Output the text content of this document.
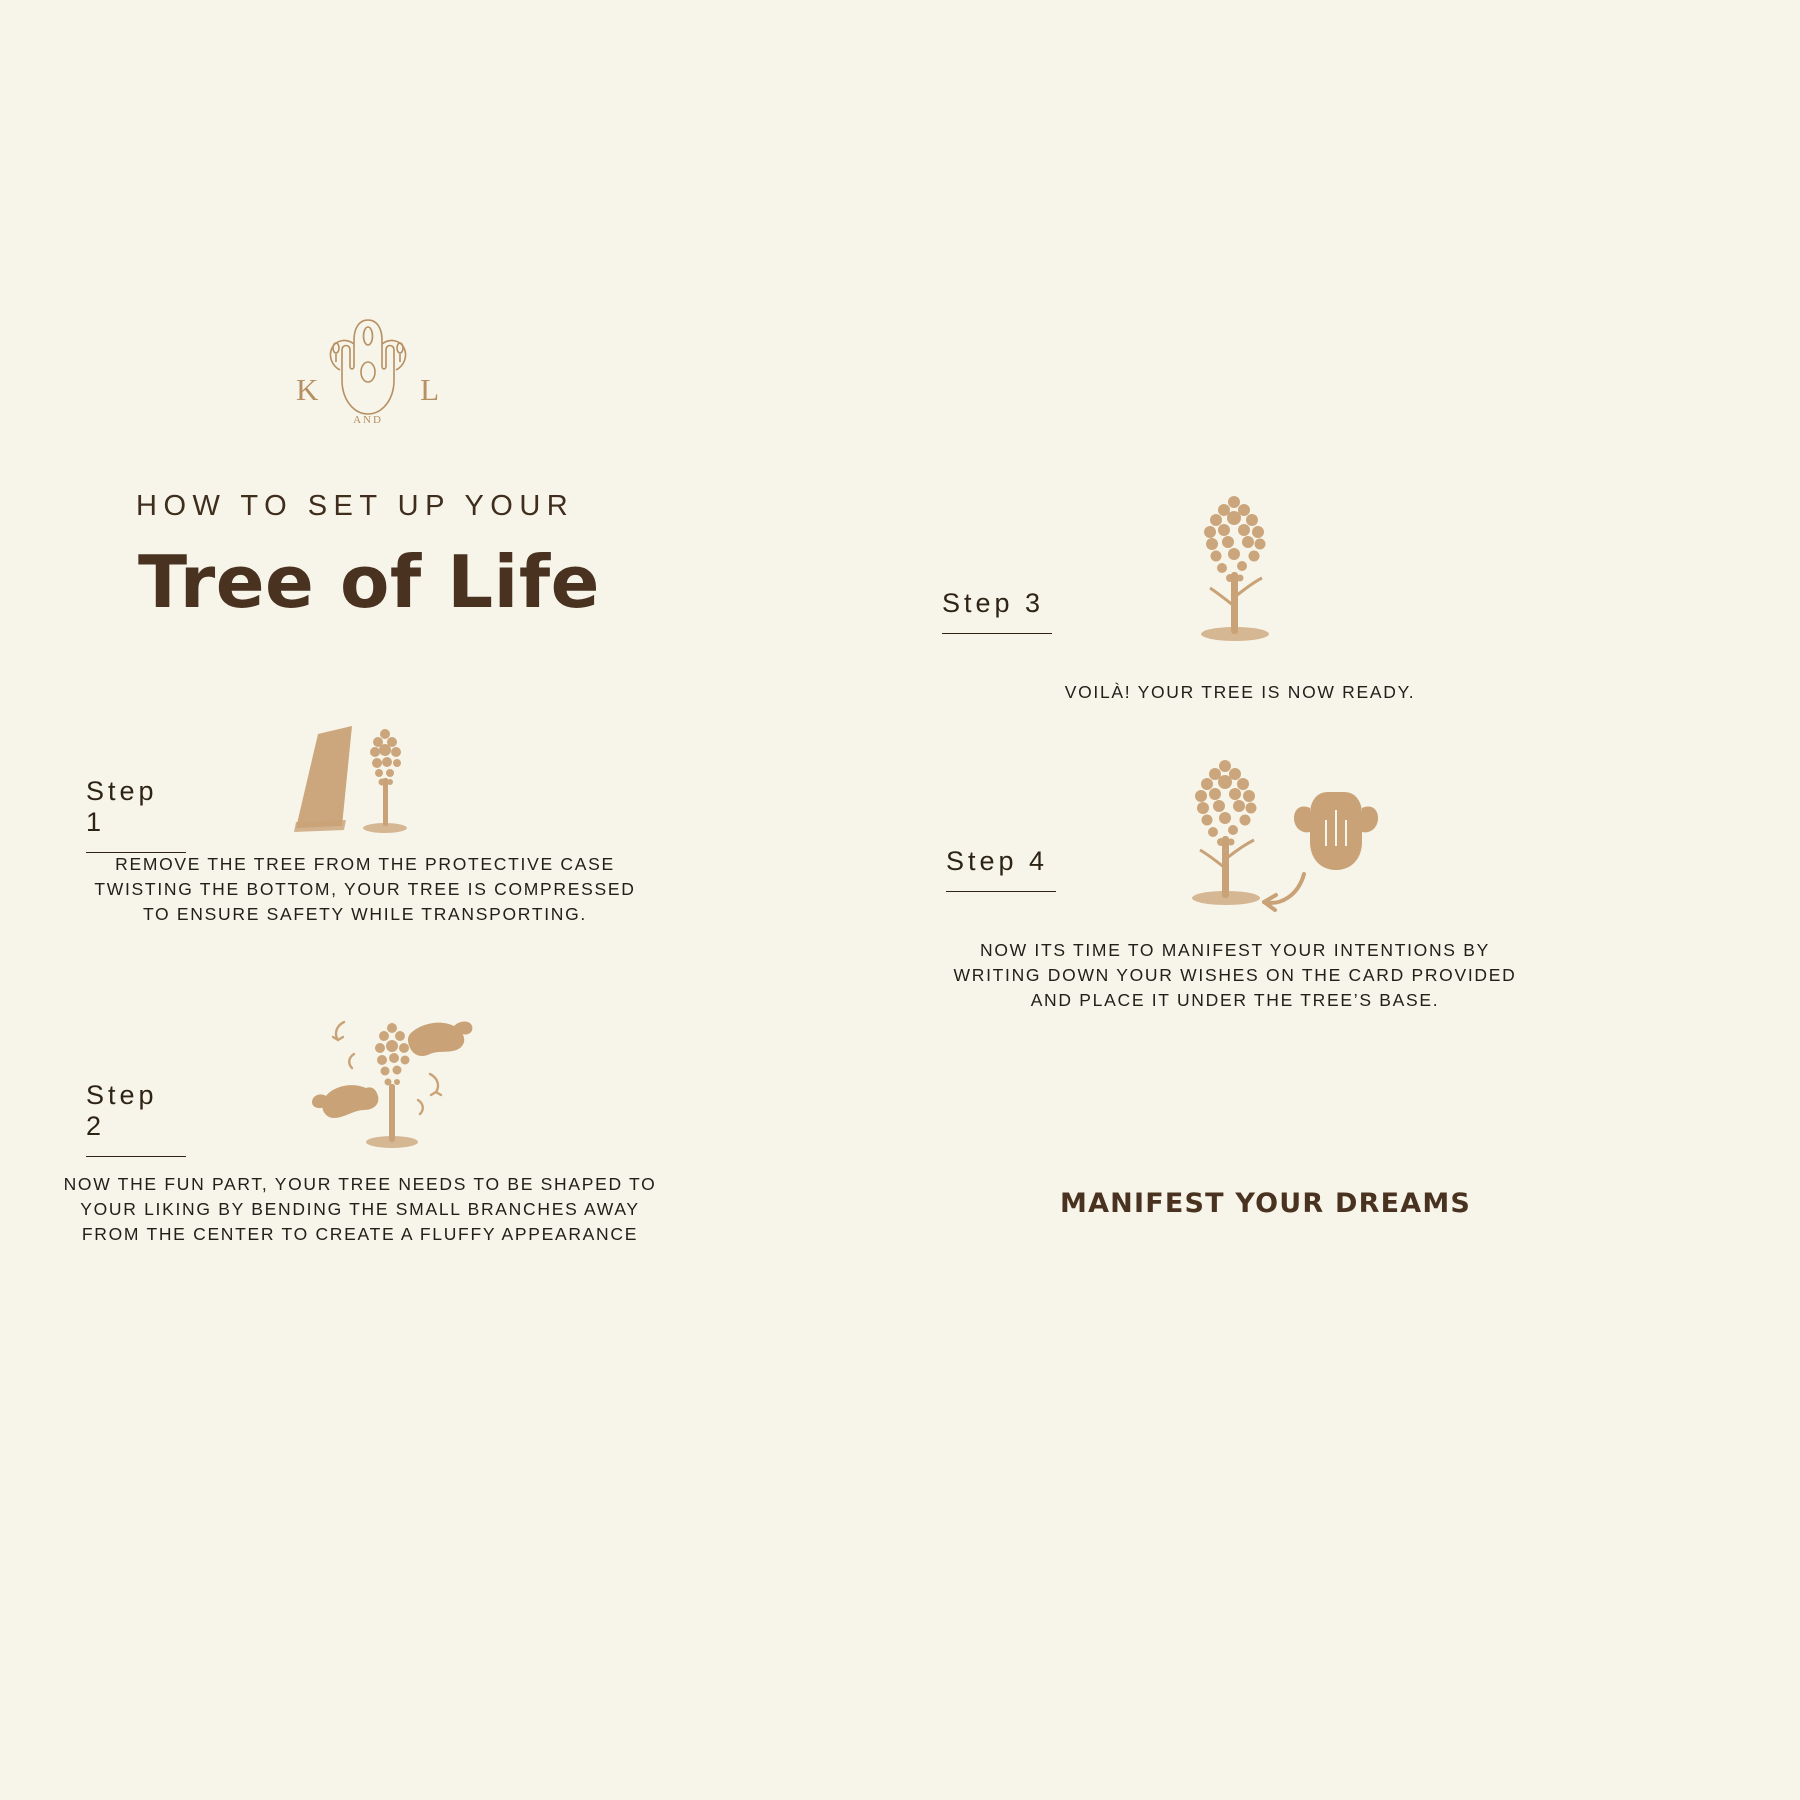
K	L
AND
HOW TO SET UP YOUR
Tree of Life
Step 1
REMOVE THE TREE FROM THE PROTECTIVE CASE TWISTING THE BOTTOM, YOUR TREE IS COMPRESSED TO ENSURE SAFETY WHILE TRANSPORTING.
Step 2
NOW THE FUN PART, YOUR TREE NEEDS TO BE SHAPED TO YOUR LIKING BY BENDING THE SMALL BRANCHES AWAY FROM THE CENTER TO CREATE A FLUFFY APPEARANCE
Step 3
VOILÀ! YOUR TREE IS NOW READY.
Step 4
NOW ITS TIME TO MANIFEST YOUR INTENTIONS BY WRITING DOWN YOUR WISHES ON THE CARD PROVIDED AND PLACE IT UNDER THE TREE’S BASE.
MANIFEST YOUR DREAMS
